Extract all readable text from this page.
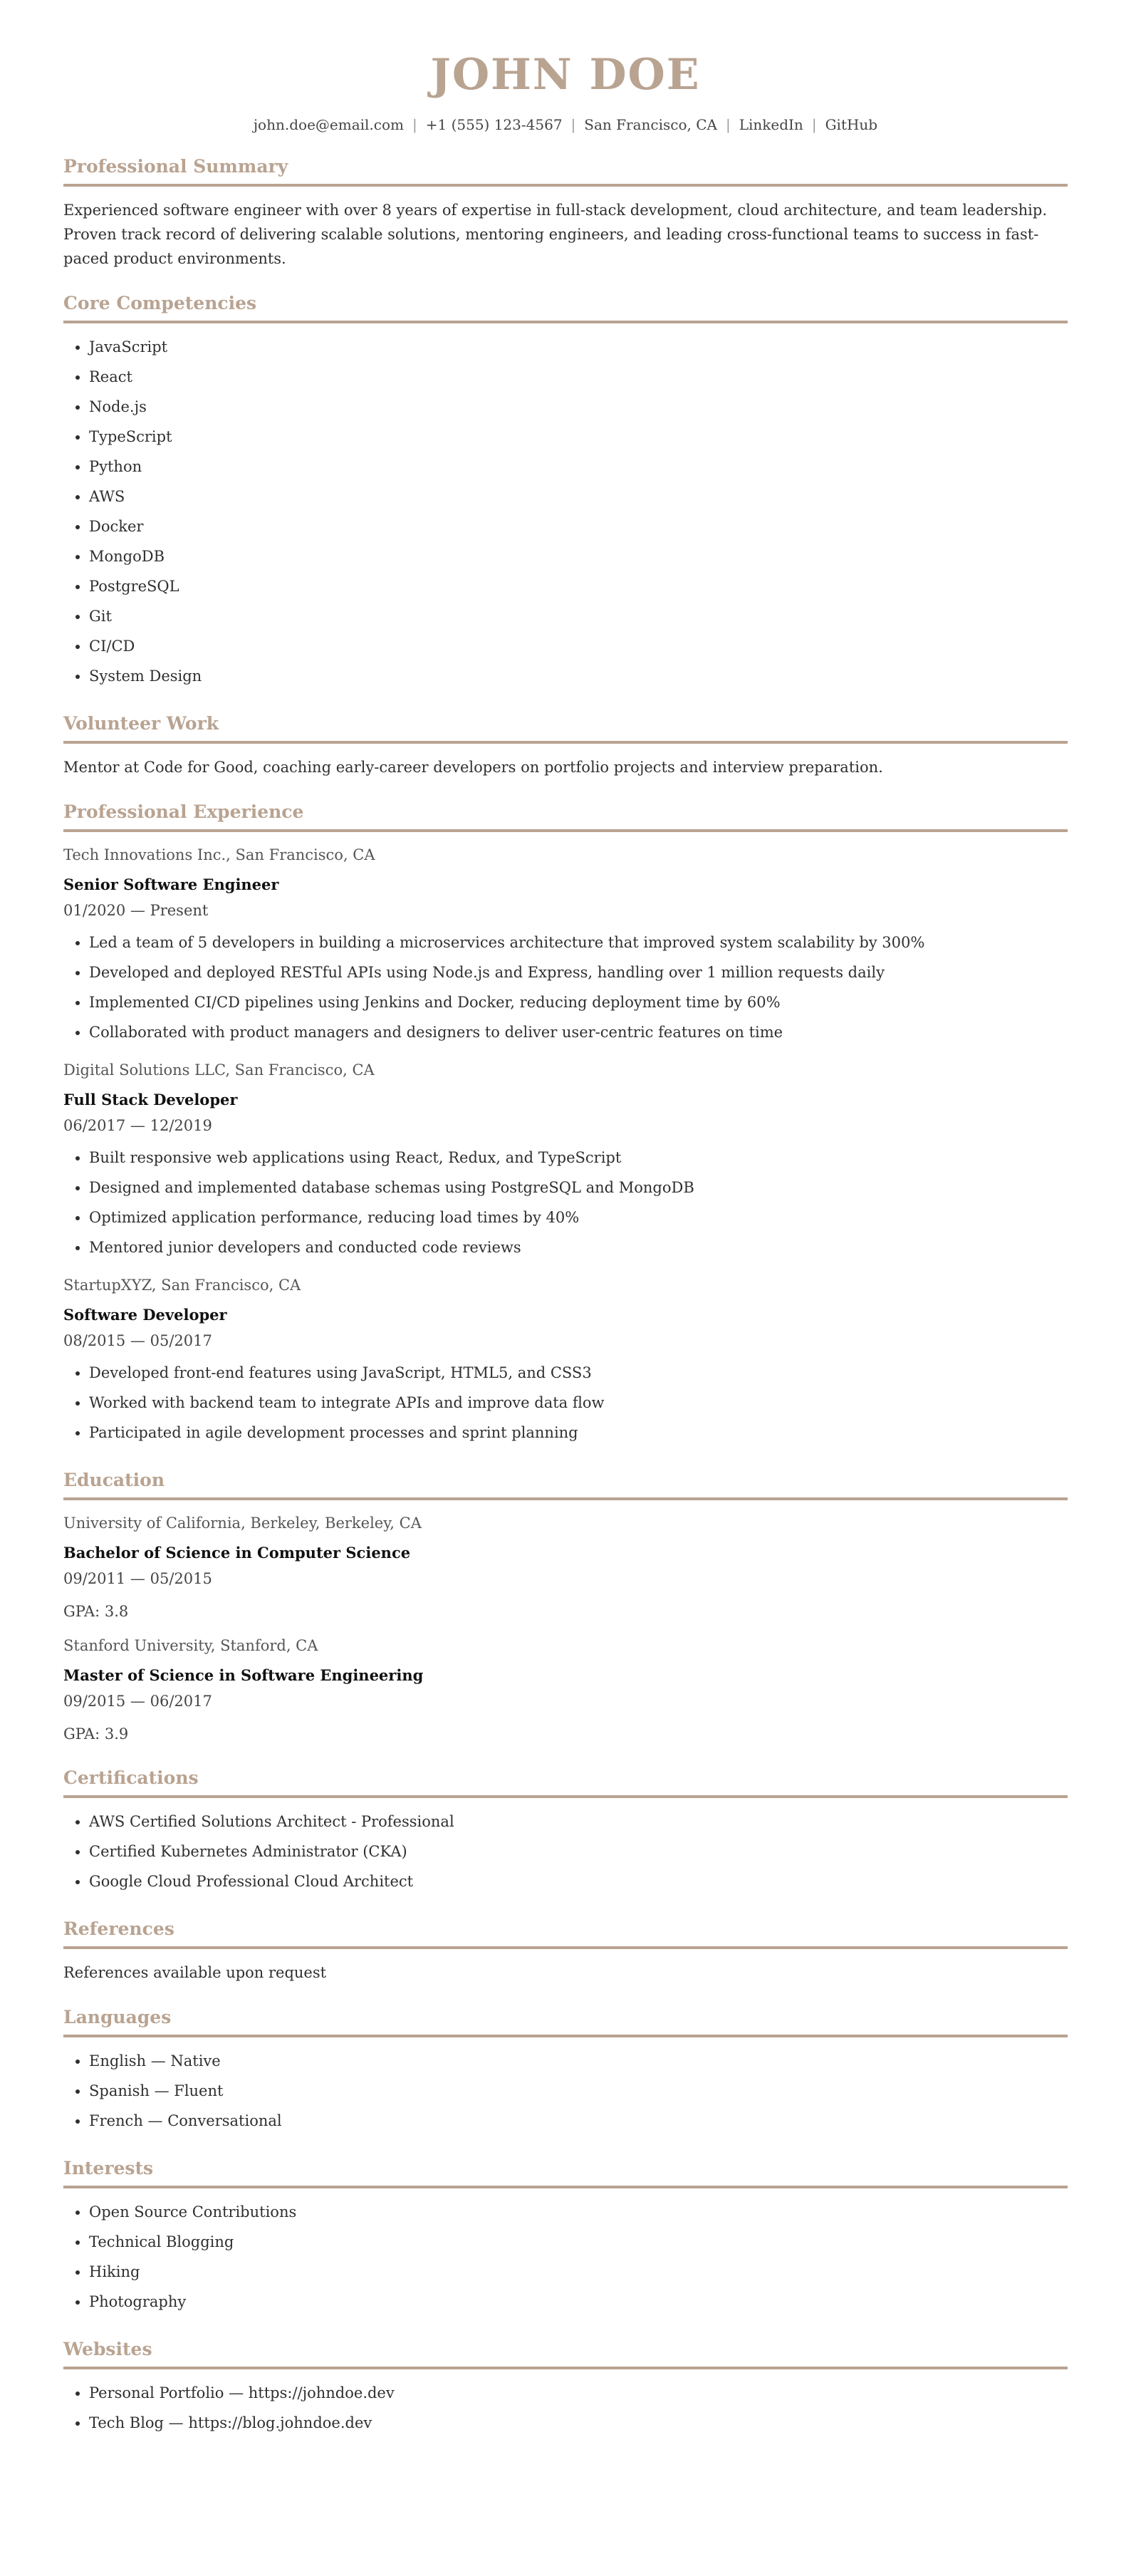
JOHN DOE
john.doe@email.com | +1 (555) 123-4567 | San Francisco, CA | LinkedIn | GitHub
Professional Summary

Experienced software engineer with over 8 years of expertise in full-stack development, cloud architecture, and team leadership. Proven track record of delivering scalable solutions, mentoring engineers, and leading cross-functional teams to success in fast-paced product environments.

Core Competencies
• JavaScript
• React
• Node.js
• TypeScript
• Python
• AWS
• Docker
• MongoDB
• PostgreSQL
• Git
• CI/CD
• System Design
Volunteer Work

Mentor at Code for Good, coaching early-career developers on portfolio projects and interview preparation.

Professional Experience
Tech Innovations Inc., San Francisco, CA
Senior Software Engineer
01/2020 — Present
• Led a team of 5 developers in building a microservices architecture that improved system scalability by 300%
• Developed and deployed RESTful APIs using Node.js and Express, handling over 1 million requests daily
• Implemented CI/CD pipelines using Jenkins and Docker, reducing deployment time by 60%
• Collaborated with product managers and designers to deliver user-centric features on time
Digital Solutions LLC, San Francisco, CA
Full Stack Developer
06/2017 — 12/2019
• Built responsive web applications using React, Redux, and TypeScript
• Designed and implemented database schemas using PostgreSQL and MongoDB
• Optimized application performance, reducing load times by 40%
• Mentored junior developers and conducted code reviews
StartupXYZ, San Francisco, CA
Software Developer
08/2015 — 05/2017
• Developed front-end features using JavaScript, HTML5, and CSS3
• Worked with backend team to integrate APIs and improve data flow
• Participated in agile development processes and sprint planning
Education
University of California, Berkeley, Berkeley, CA
Bachelor of Science in Computer Science
09/2011 — 05/2015
GPA: 3.8
Stanford University, Stanford, CA
Master of Science in Software Engineering
09/2015 — 06/2017
GPA: 3.9
Certifications
• AWS Certified Solutions Architect - Professional
• Certified Kubernetes Administrator (CKA)
• Google Cloud Professional Cloud Architect
References

References available upon request

Languages
• English — Native
• Spanish — Fluent
• French — Conversational
Interests
• Open Source Contributions
• Technical Blogging
• Hiking
• Photography
Websites
• Personal Portfolio — https://johndoe.dev
• Tech Blog — https://blog.johndoe.dev
